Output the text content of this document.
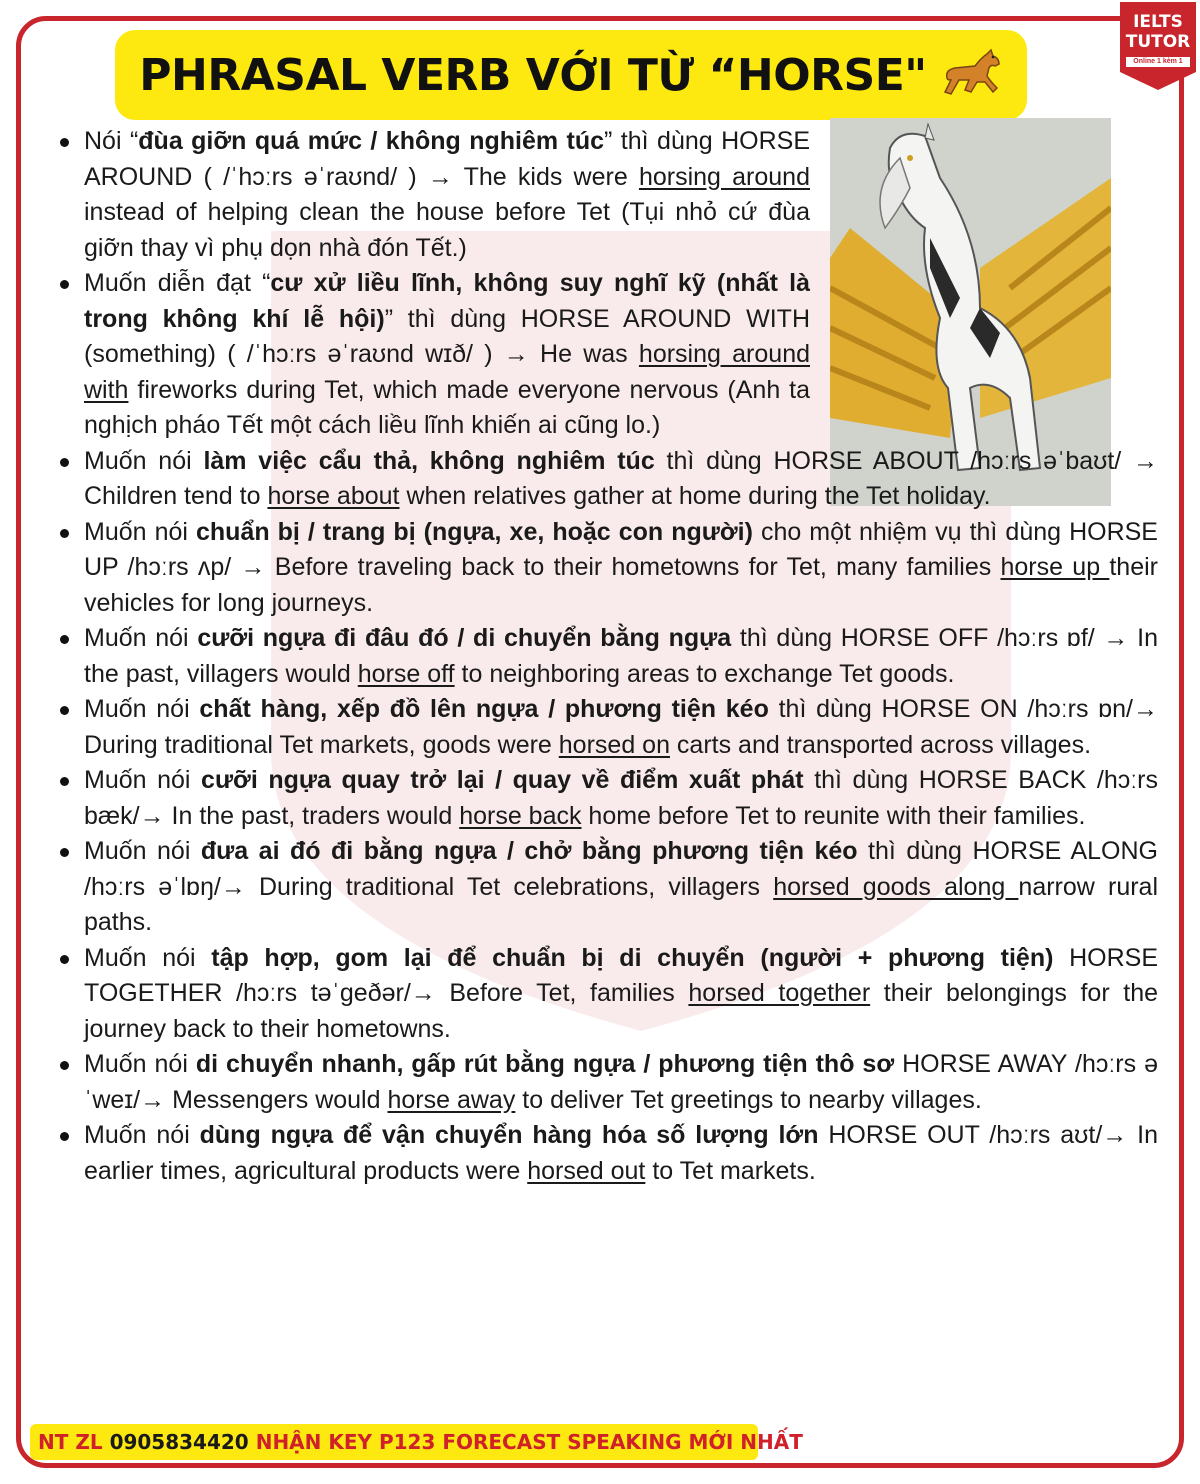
PHRASAL VERB VỚI TỪ “HORSE"
IELTS
TUTOR
Online 1 kèm 1
Nói “đùa giỡn quá mức / không nghiêm túc” thì dùng HORSE AROUND ( /ˈhɔːrs əˈraʊnd/ ) → The kids were horsing around instead of helping clean the house before Tet (Tụi nhỏ cứ đùa giỡn thay vì phụ dọn nhà đón Tết.)
Muốn diễn đạt “cư xử liều lĩnh, không suy nghĩ kỹ (nhất là trong không khí lễ hội)” thì dùng HORSE AROUND WITH (something) ( /ˈhɔːrs əˈraʊnd wɪð/ ) → He was horsing around with fireworks during Tet, which made everyone nervous (Anh ta nghịch pháo Tết một cách liều lĩnh khiến ai cũng lo.)
Muốn nói làm việc cẩu thả, không nghiêm túc thì dùng HORSE ABOUT /hɔːrs əˈbaʊt/ → Children tend to horse about when relatives gather at home during the Tet holiday.
Muốn nói chuẩn bị / trang bị (ngựa, xe, hoặc con người) cho một nhiệm vụ thì dùng HORSE UP /hɔːrs ʌp/ → Before traveling back to their hometowns for Tet, many families horse up their vehicles for long journeys.
Muốn nói cưỡi ngựa đi đâu đó / di chuyển bằng ngựa thì dùng HORSE OFF /hɔːrs ɒf/ → In the past, villagers would horse off to neighboring areas to exchange Tet goods.
Muốn nói chất hàng, xếp đồ lên ngựa / phương tiện kéo thì dùng HORSE ON /hɔːrs ɒn/→ During traditional Tet markets, goods were horsed on carts and transported across villages.
Muốn nói cưỡi ngựa quay trở lại / quay về điểm xuất phát thì dùng HORSE BACK /hɔːrs bæk/→ In the past, traders would horse back home before Tet to reunite with their families.
Muốn nói đưa ai đó đi bằng ngựa / chở bằng phương tiện kéo thì dùng HORSE ALONG /hɔːrs əˈlɒŋ/→ During traditional Tet celebrations, villagers horsed goods along narrow rural paths.
Muốn nói tập hợp, gom lại để chuẩn bị di chuyển (người + phương tiện) HORSE TOGETHER /hɔːrs təˈɡeðər/→ Before Tet, families horsed together their belongings for the journey back to their hometowns.
Muốn nói di chuyển nhanh, gấp rút bằng ngựa / phương tiện thô sơ HORSE AWAY /hɔːrs əˈweɪ/→ Messengers would horse away to deliver Tet greetings to nearby villages.
Muốn nói dùng ngựa để vận chuyển hàng hóa số lượng lớn HORSE OUT /hɔːrs aʊt/→ In earlier times, agricultural products were horsed out to Tet markets.
NT ZL
0905834420
NHẬN KEY P123 FORECAST SPEAKING MỚI NHẤT
